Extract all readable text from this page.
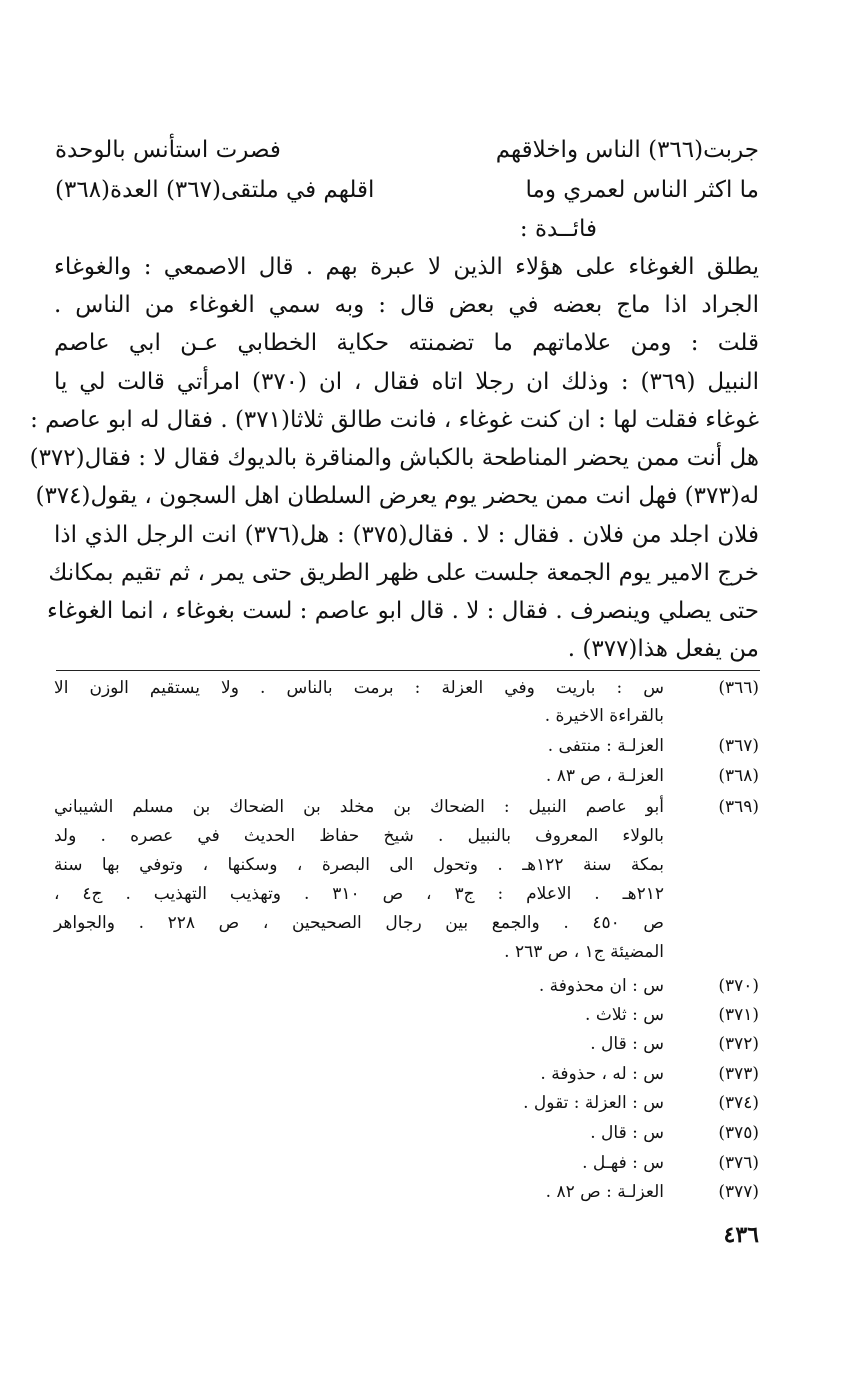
جربت(٣٦٦) الناس واخلاقهم
فصرت استأنس بالوحدة
ما اكثر الناس لعمري وما
اقلهم في ملتقى(٣٦٧) العدة(٣٦٨)
فائــدة :
يطلق الغوغاء على هؤلاء الذين لا عبرة بهم . قال الاصمعي : والغوغاء
الجراد اذا ماج بعضه في بعض قال : وبه سمي الغوغاء من الناس .
قلت : ومن علاماتهم ما تضمنته حكاية الخطابي عـن ابي عاصم
النبيل (٣٦٩) : وذلك ان رجلا اتاه فقال ، ان (٣٧٠) امرأتي قالت لي يا
غوغاء فقلت لها : ان كنت غوغاء ، فانت طالق ثلاثا(٣٧١) . فقال له ابو عاصم :
هل أنت ممن يحضر المناطحة بالكباش والمناقرة بالديوك فقال لا : فقال(٣٧٢)
له(٣٧٣) فهل انت ممن يحضر يوم يعرض السلطان اهل السجون ، يقول(٣٧٤)
فلان اجلد من فلان . فقال : لا . فقال(٣٧٥) : هل(٣٧٦) انت الرجل الذي اذا
خرج الامير يوم الجمعة جلست على ظهر الطريق حتى يمر ، ثم تقيم بمكانك
حتى يصلي وينصرف . فقال : لا . قال ابو عاصم : لست بغوغاء ، انما الغوغاء
من يفعل هذا(٣٧٧) .
(٣٦٦)
س : باريت وفي العزلة : برمت بالناس . ولا يستقيم الوزن الا
بالقراءة الاخيرة .
(٣٦٧)
العزلـة : منتفى .
(٣٦٨)
العزلـة ، ص ٨٣ .
(٣٦٩)
أبو عاصم النبيل : الضحاك بن مخلد بن الضحاك بن مسلم الشيباني
بالولاء المعروف بالنبيل . شيخ حفاظ الحديث في عصره . ولد
بمكة سنة ١٢٢هـ . وتحول الى البصرة ، وسكنها ، وتوفي بها سنة
٢١٢هـ . الاعلام : ج٣ ، ص ٣١٠ . وتهذيب التهذيب . ج٤ ،
ص ٤٥٠ . والجمع بين رجال الصحيحين ، ص ٢٢٨ . والجواهر
المضيئة ج١ ، ص ٢٦٣ .
(٣٧٠)
س : ان محذوفة .
(٣٧١)
س : ثلاث .
(٣٧٢)
س : قال .
(٣٧٣)
س : له ، حذوفة .
(٣٧٤)
س : العزلة : تقول .
(٣٧٥)
س : قال .
(٣٧٦)
س : فهـل .
(٣٧٧)
العزلـة : ص ٨٢ .
٤٣٦
